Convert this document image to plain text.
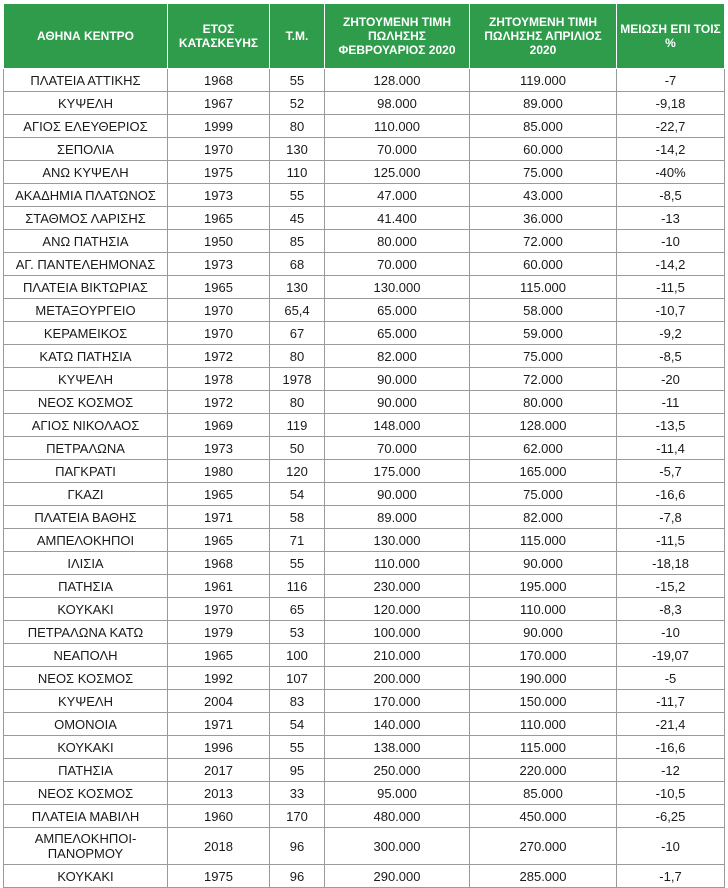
ΑΘΗΝΑ ΚΕΝΤΡΟ	ΕΤΟΣ ΚΑΤΑΣΚΕΥΗΣ	Τ.Μ.	ΖΗΤΟΥΜΕΝΗ ΤΙΜΗ ΠΩΛΗΣΗΣ ΦΕΒΡΟΥΑΡΙΟΣ 2020	ΖΗΤΟΥΜΕΝΗ ΤΙΜΗ ΠΩΛΗΣΗΣ ΑΠΡΙΛΙΟΣ 2020	ΜΕΙΩΣΗ ΕΠΙ ΤΟΙΣ %
ΠΛΑΤΕΙΑ ΑΤΤΙΚΗΣ	1968	55	128.000	119.000	-7
ΚΥΨΕΛΗ	1967	52	98.000	89.000	-9,18
ΑΓΙΟΣ ΕΛΕΥΘΕΡΙΟΣ	1999	80	110.000	85.000	-22,7
ΣΕΠΟΛΙΑ	1970	130	70.000	60.000	-14,2
ΑΝΩ ΚΥΨΕΛΗ	1975	110	125.000	75.000	-40%
ΑΚΑΔΗΜΙΑ ΠΛΑΤΩΝΟΣ	1973	55	47.000	43.000	-8,5
ΣΤΑΘΜΟΣ ΛΑΡΙΣΗΣ	1965	45	41.400	36.000	-13
ΑΝΩ ΠΑΤΗΣΙΑ	1950	85	80.000	72.000	-10
ΑΓ. ΠΑΝΤΕΛΕΗΜΟΝΑΣ	1973	68	70.000	60.000	-14,2
ΠΛΑΤΕΙΑ ΒΙΚΤΩΡΙΑΣ	1965	130	130.000	115.000	-11,5
ΜΕΤΑΞΟΥΡΓΕΙΟ	1970	65,4	65.000	58.000	-10,7
ΚΕΡΑΜΕΙΚΟΣ	1970	67	65.000	59.000	-9,2
ΚΑΤΩ ΠΑΤΗΣΙΑ	1972	80	82.000	75.000	-8,5
ΚΥΨΕΛΗ	1978	1978	90.000	72.000	-20
ΝΕΟΣ ΚΟΣΜΟΣ	1972	80	90.000	80.000	-11
ΑΓΙΟΣ ΝΙΚΟΛΑΟΣ	1969	119	148.000	128.000	-13,5
ΠΕΤΡΑΛΩΝΑ	1973	50	70.000	62.000	-11,4
ΠΑΓΚΡΑΤΙ	1980	120	175.000	165.000	-5,7
ΓΚΑΖΙ	1965	54	90.000	75.000	-16,6
ΠΛΑΤΕΙΑ ΒΑΘΗΣ	1971	58	89.000	82.000	-7,8
ΑΜΠΕΛΟΚΗΠΟΙ	1965	71	130.000	115.000	-11,5
ΙΛΙΣΙΑ	1968	55	110.000	90.000	-18,18
ΠΑΤΗΣΙΑ	1961	116	230.000	195.000	-15,2
ΚΟΥΚΑΚΙ	1970	65	120.000	110.000	-8,3
ΠΕΤΡΑΛΩΝΑ ΚΑΤΩ	1979	53	100.000	90.000	-10
ΝΕΑΠΟΛΗ	1965	100	210.000	170.000	-19,07
ΝΕΟΣ ΚΟΣΜΟΣ	1992	107	200.000	190.000	-5
ΚΥΨΕΛΗ	2004	83	170.000	150.000	-11,7
ΟΜΟΝΟΙΑ	1971	54	140.000	110.000	-21,4
ΚΟΥΚΑΚΙ	1996	55	138.000	115.000	-16,6
ΠΑΤΗΣΙΑ	2017	95	250.000	220.000	-12
ΝΕΟΣ ΚΟΣΜΟΣ	2013	33	95.000	85.000	-10,5
ΠΛΑΤΕΙΑ ΜΑΒΙΛΗ	1960	170	480.000	450.000	-6,25
ΑΜΠΕΛΟΚΗΠΟΙ-ΠΑΝΟΡΜΟΥ	2018	96	300.000	270.000	-10
ΚΟΥΚΑΚΙ	1975	96	290.000	285.000	-1,7
